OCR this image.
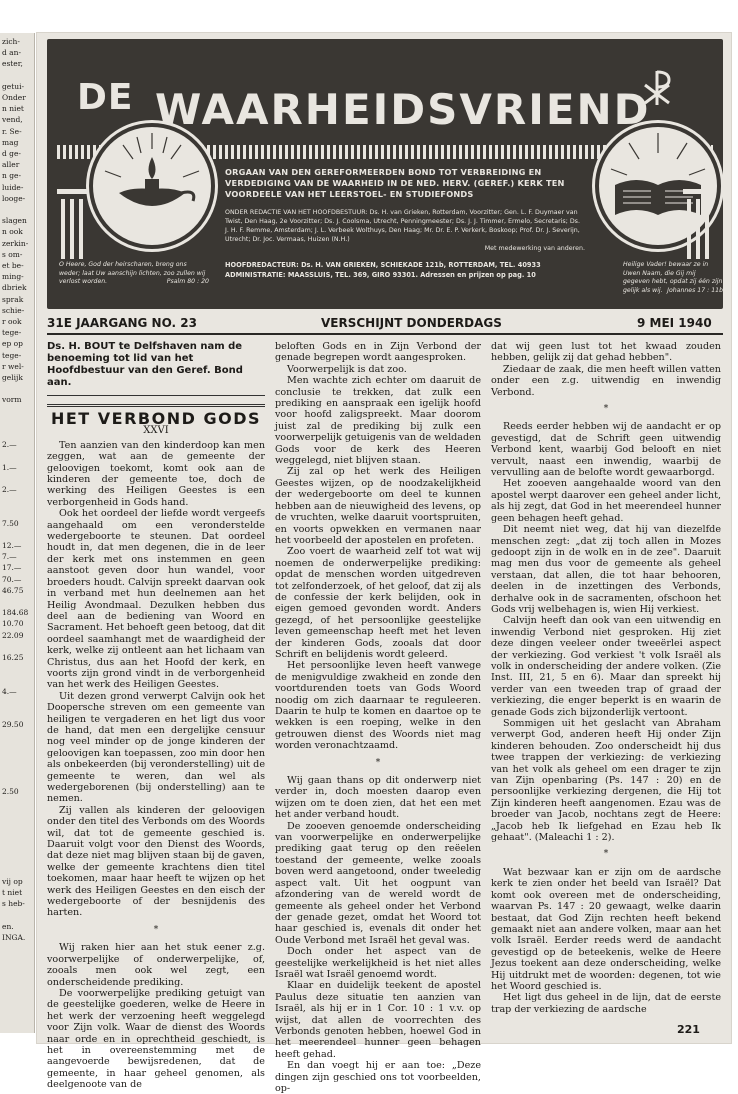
zich-
d an-
ester,
getui-
Onder
n niet
vend,
r. Se-
mag
d ge-
aller
n ge-
luide-
looge-
slagen
n ook
zerkin-
s om-
et be-
ming-
dbriek
sprak
schie-
r ook
tege-
ep op
tege-
r wel-
gelijk
vorm
2.—
1.—
2.—
7.50
12.—
7.—
17.—
70.—
46.75
184.68
10.70
22.09
16.25
4.—
29.50
2.50
vij op
t niet
s heb-
en.
INGA.
DE WAARHEIDSVRIEND
ORGAAN VAN DEN GEREFORMEERDEN BOND TOT VERBREIDING EN VERDEDIGING VAN DE WAARHEID IN DE NED. HERV. (GEREF.) KERK TEN VOORDEELE VAN HET LEERSTOEL- EN STUDIEFONDS
ONDER REDACTIE VAN HET HOOFDBESTUUR: Ds. H. van Grieken, Rotterdam, Voorzitter; Gen. L. F. Duymaer van Twist, Den Haag, 2e Voorzitter; Ds. J. Coolsma, Utrecht, Penningmeester; Ds. J. J. Timmer, Ermelo, Secretaris; Ds. J. H. F. Remme, Amsterdam; J. L. Verbeek Wolthuys, Den Haag; Mr. Dr. E. P. Verkerk, Boskoop; Prof. Dr. J. Severijn, Utrecht; Dr. Joc. Vermaas, Huizen (N.H.)
Met medewerking van anderen.
HOOFDREDACTEUR: Ds. H. VAN GRIEKEN, SCHIEKADE 121b, ROTTERDAM, TEL. 40933
ADMINISTRATIE: MAASSLUIS, TEL. 369, GIRO 93301. Adressen en prijzen op pag. 10
O Heere, God der heirscharen, breng ons weder; laat Uw aanschijn lichten, zoo zullen wij verlost worden.	Psalm 80 : 20
Heilige Vader! bewaar ze in Uwen Naam, die Gij mij gegeven hebt, opdat zij één zijn gelijk als wij. Johannes 17 : 11b
31E JAARGANG NO. 23	VERSCHIJNT DONDERDAGS	9 MEI 1940
Ds. H. BOUT te Delfshaven nam de benoeming tot lid van het Hoofdbestuur van den Geref. Bond aan.
HET VERBOND GODS
XXVI

Ten aanzien van den kinderdoop kan men zeggen, wat aan de gemeente der geloovigen toekomt, komt ook aan de kinderen der gemeente toe, doch de werking des Heiligen Geestes is een verborgenheid in Gods hand.

Ook het oordeel der liefde wordt vergeefs aangehaald om een veronderstelde wedergeboorte te steunen. Dat oordeel houdt in, dat men degenen, die in de leer der kerk met ons instemmen en geen aanstoot geven door hun wandel, voor broeders houdt. Calvijn spreekt daarvan ook in verband met hun deelnemen aan het Heilig Avondmaal. Dezulken hebben dus deel aan de bediening van Woord en Sacrament. Het behoeft geen betoog, dat dit oordeel saamhangt met de waardigheid der kerk, welke zij ontleent aan het lichaam van Christus, dus aan het Hoofd der kerk, en voorts zijn grond vindt in de verborgenheid van het werk des Heiligen Geestes.

Uit dezen grond verwerpt Calvijn ook het Doopersche streven om een gemeente van heiligen te vergaderen en het ligt dus voor de hand, dat men een dergelijke censuur nog veel minder op de jonge kinderen der geloovigen kan toepassen, zoo min door hen als onbekeerden (bij veronderstelling) uit de gemeente te weren, dan wel als wedergeborenen (bij onderstelling) aan te nemen.

Zij vallen als kinderen der geloovigen onder den titel des Verbonds om des Woords wil, dat tot de gemeente geschied is. Daaruit volgt voor den Dienst des Woords, dat deze niet mag blijven staan bij de gaven, welke der gemeente krachtens dien titel toekomen, maar haar heeft te wijzen op het werk des Heiligen Geestes en den eisch der wedergeboorte of der besnijdenis des harten.

*

Wij raken hier aan het stuk eener z.g. voorwerpelijke of onderwerpelijke, of, zooals men ook wel zegt, een onderscheidende prediking.

De voorwerpelijke prediking getuigt van de geestelijke goederen, welke de Heere in het werk der verzoening heeft weggelegd voor Zijn volk. Waar de dienst des Woords naar orde en in oprechtheid geschiedt, is het in overeenstemming met de aangevoerde bewijsredenen, dat de gemeente, in haar geheel genomen, als deelgenoote van de

beloften Gods en in Zijn Verbond der genade begrepen wordt aangesproken.

Voorwerpelijk is dat zoo.

Men wachte zich echter om daaruit de conclusie te trekken, dat zulk een prediking en aanspraak een igelijk hoofd voor hoofd zaligspreekt. Maar doorom juist zal de prediking bij zulk een voorwerpelijk getuigenis van de weldaden Gods voor de kerk des Heeren weggelegd, niet blijven staan.

Zij zal op het werk des Heiligen Geestes wijzen, op de noodzakelijkheid der wedergeboorte om deel te kunnen hebben aan de nieuwigheid des levens, op de vruchten, welke daaruit voortspruiten, en voorts opwekken en vermanen naar het voorbeeld der apostelen en profeten.

Zoo voert de waarheid zelf tot wat wij noemen de onderwerpelijke prediking: opdat de menschen worden uitgedreven tot zelfonderzoek, of het geloof, dat zij als de confessie der kerk belijden, ook in eigen gemoed gevonden wordt. Anders gezegd, of het persoonlijke geestelijke leven gemeenschap heeft met het leven der kinderen Gods, zooals dat door Schrift en belijdenis wordt geleerd.

Het persoonlijke leven heeft vanwege de menigvuldige zwakheid en zonde den voortdurenden toets van Gods Woord noodig om zich daarnaar te reguleeren. Daarin te hulp te komen en daartoe op te wekken is een roeping, welke in den getrouwen dienst des Woords niet mag worden veronachtzaamd.

*

Wij gaan thans op dit onderwerp niet verder in, doch moesten daarop even wijzen om te doen zien, dat het een met het ander verband houdt.

De zooeven genoemde onderscheiding van voorwerpelijke en onderwerpelijke prediking gaat terug op den reëelen toestand der gemeente, welke zooals boven werd aangetoond, onder tweeledig aspect valt. Uit het oogpunt van afzondering van de wereld wordt de gemeente als geheel onder het Verbond der genade gezet, omdat het Woord tot haar geschied is, evenals dit onder het Oude Verbond met Israël het geval was.

Doch onder het aspect van de geestelijke werkelijkheid is het niet alles Israël wat Israël genoemd wordt.

Klaar en duidelijk teekent de apostel Paulus deze situatie ten aanzien van Israël, als hij er in 1 Cor. 10 : 1 v.v. op wijst, dat allen de voorrechten des Verbonds genoten hebben, hoewel God in het meerendeel hunner geen behagen heeft gehad.

En dan voegt hij er aan toe: „Deze dingen zijn geschied ons tot voorbeelden, op-

dat wij geen lust tot het kwaad zouden hebben, gelijk zij dat gehad hebben".

Ziedaar de zaak, die men heeft willen vatten onder een z.g. uitwendig en inwendig Verbond.

*

Reeds eerder hebben wij de aandacht er op gevestigd, dat de Schrift geen uitwendig Verbond kent, waarbij God belooft en niet vervult, naast een inwendig, waarbij de vervulling aan de belofte wordt gewaarborgd.

Het zooeven aangehaalde woord van den apostel werpt daarover een geheel ander licht, als hij zegt, dat God in het meerendeel hunner geen behagen heeft gehad.

Dit neemt niet weg, dat hij van diezelfde menschen zegt: „dat zij toch allen in Mozes gedoopt zijn in de wolk en in de zee". Daaruit mag men dus voor de gemeente als geheel verstaan, dat allen, die tot haar behooren, deelen in de inzettingen des Verbonds, derhalve ook in de sacramenten, ofschoon het Gods vrij welbehagen is, wien Hij verkiest.

Calvijn heeft dan ook van een uitwendig en inwendig Verbond niet gesproken. Hij ziet deze dingen veeleer onder tweeërlei aspect der verkiezing. God verkiest 't volk Israël als volk in onderscheiding der andere volken. (Zie Inst. III, 21, 5 en 6). Maar dan spreekt hij verder van een tweeden trap of graad der verkiezing, die enger beperkt is en waarin de genade Gods zich bijzonderlijk vertoont.

Sommigen uit het geslacht van Abraham verwerpt God, anderen heeft Hij onder Zijn kinderen behouden. Zoo onderscheidt hij dus twee trappen der verkiezing: de verkiezing van het volk als geheel om een drager te zijn van Zijn openbaring (Ps. 147 : 20) en de persoonlijke verkiezing dergenen, die Hij tot Zijn kinderen heeft aangenomen. Ezau was de broeder van Jacob, nochtans zegt de Heere: „Jacob heb Ik liefgehad en Ezau heb Ik gehaat". (Maleachi 1 : 2).

*

Wat bezwaar kan er zijn om de aardsche kerk te zien onder het beeld van Israël? Dat komt ook overeen met de onderscheiding, waarvan Ps. 147 : 20 gewaagt, welke daarin bestaat, dat God Zijn rechten heeft bekend gemaakt niet aan andere volken, maar aan het volk Israël. Eerder reeds werd de aandacht gevestigd op de beteekenis, welke de Heere Jezus toekent aan deze onderscheiding, welke Hij uitdrukt met de woorden: degenen, tot wie het Woord geschied is.

Het ligt dus geheel in de lijn, dat de eerste trap der verkiezing de aardsche

221
